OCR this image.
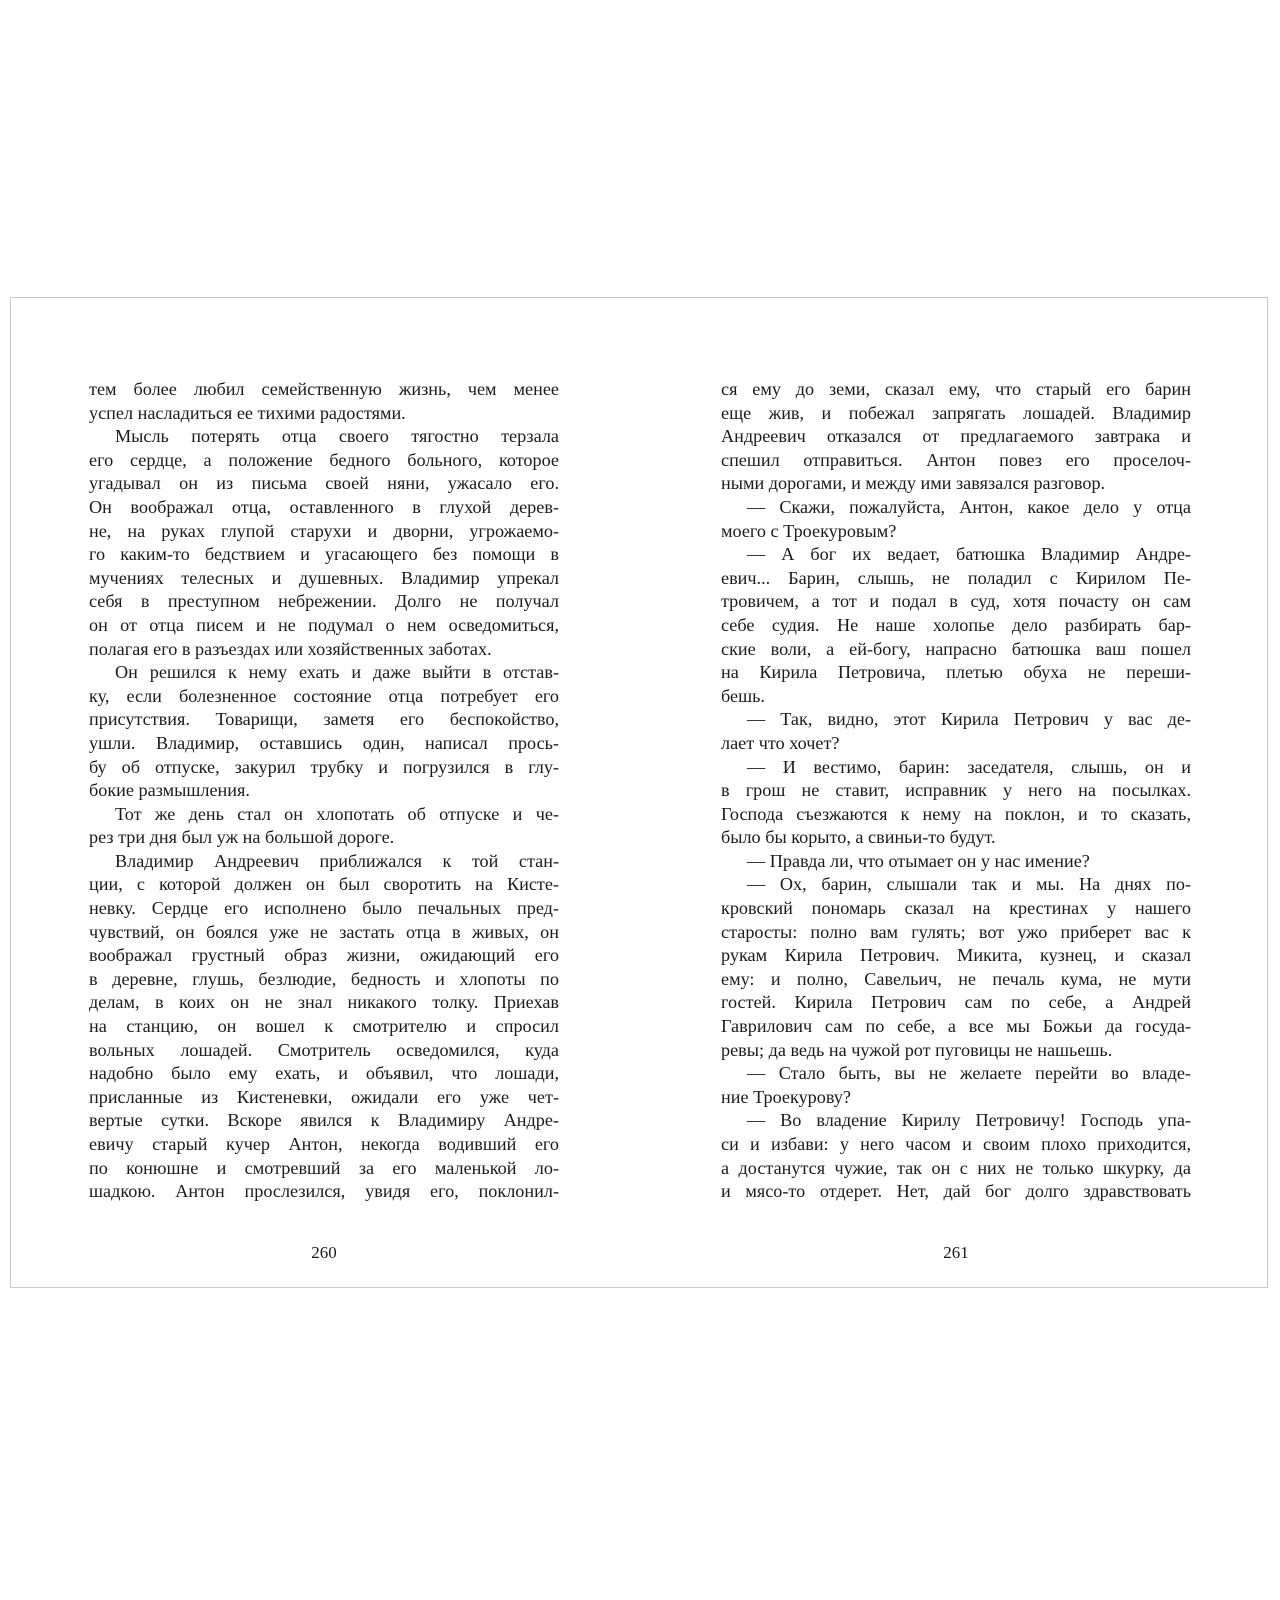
тем более любил семейственную жизнь, чем менее
успел насладиться ее тихими радостями.
Мысль потерять отца своего тягостно терзала
его сердце, а положение бедного больного, которое
угадывал он из письма своей няни, ужасало его.
Он воображал отца, оставленного в глухой дерев-
не, на руках глупой старухи и дворни, угрожаемо-
го каким-то бедствием и угасающего без помощи в
мучениях телесных и душевных. Владимир упрекал
себя в преступном небрежении. Долго не получал
он от отца писем и не подумал о нем осведомиться,
полагая его в разъездах или хозяйственных заботах.
Он решился к нему ехать и даже выйти в отстав-
ку, если болезненное состояние отца потребует его
присутствия. Товарищи, заметя его беспокойство,
ушли. Владимир, оставшись один, написал прось-
бу об отпуске, закурил трубку и погрузился в глу-
бокие размышления.
Тот же день стал он хлопотать об отпуске и че-
рез три дня был уж на большой дороге.
Владимир Андреевич приближался к той стан-
ции, с которой должен он был своротить на Кисте-
невку. Сердце его исполнено было печальных пред-
чувствий, он боялся уже не застать отца в живых, он
воображал грустный образ жизни, ожидающий его
в деревне, глушь, безлюдие, бедность и хлопоты по
делам, в коих он не знал никакого толку. Приехав
на станцию, он вошел к смотрителю и спросил
вольных лошадей. Смотритель осведомился, куда
надобно было ему ехать, и объявил, что лошади,
присланные из Кистеневки, ожидали его уже чет-
вертые сутки. Вскоре явился к Владимиру Андре-
евичу старый кучер Антон, некогда водивший его
по конюшне и смотревший за его маленькой ло-
шадкою. Антон прослезился, увидя его, поклонил-
ся ему до земи, сказал ему, что старый его барин
еще жив, и побежал запрягать лошадей. Владимир
Андреевич отказался от предлагаемого завтрака и
спешил отправиться. Антон повез его проселоч-
ными дорогами, и между ими завязался разговор.
— Скажи, пожалуйста, Антон, какое дело у отца
моего с Троекуровым?
— А бог их ведает, батюшка Владимир Андре-
евич... Барин, слышь, не поладил с Кирилом Пе-
тровичем, а тот и подал в суд, хотя почасту он сам
себе судия. Не наше холопье дело разбирать бар-
ские воли, а ей-богу, напрасно батюшка ваш пошел
на Кирила Петровича, плетью обуха не переши-
бешь.
— Так, видно, этот Кирила Петрович у вас де-
лает что хочет?
— И вестимо, барин: заседателя, слышь, он и
в грош не ставит, исправник у него на посылках.
Господа съезжаются к нему на поклон, и то сказать,
было бы корыто, а свиньи-то будут.
— Правда ли, что отымает он у нас имение?
— Ох, барин, слышали так и мы. На днях по-
кровский пономарь сказал на крестинах у нашего
старосты: полно вам гулять; вот ужо приберет вас к
рукам Кирила Петрович. Микита, кузнец, и сказал
ему: и полно, Савельич, не печаль кума, не мути
гостей. Кирила Петрович сам по себе, а Андрей
Гаврилович сам по себе, а все мы Божьи да госуда-
ревы; да ведь на чужой рот пуговицы не нашьешь.
— Стало быть, вы не желаете перейти во владе-
ние Троекурову?
— Во владение Кирилу Петровичу! Господь упа-
си и избави: у него часом и своим плохо приходится,
а достанутся чужие, так он с них не только шкурку, да
и мясо-то отдерет. Нет, дай бог долго здравствовать
260	261
